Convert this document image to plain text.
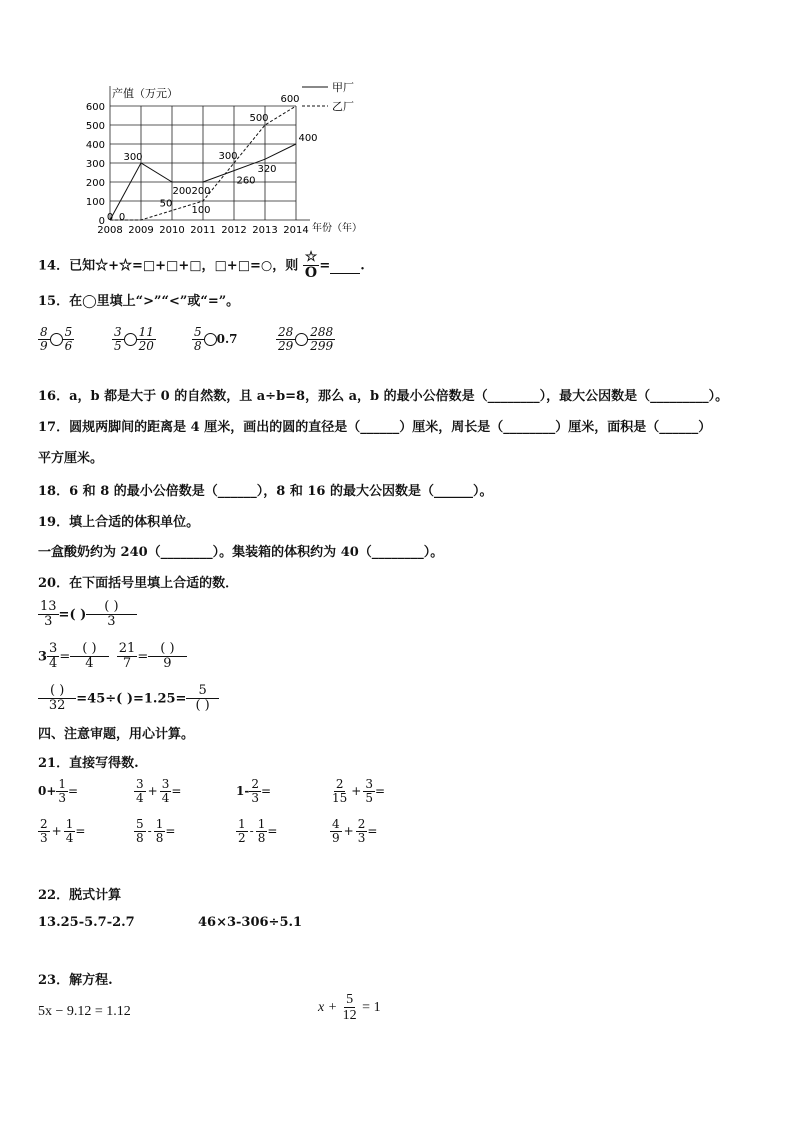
0
100
200
300
400
500
600
2008 2009 2010 2011 2012 2013 2014
0
300
200 200
260
320
400
0
50
100
300
500
600
产值（万元）
年份（年）
甲厂
乙厂
14．已知☆+☆=□+□+□，□+□=○，则 $\frac{☆}{O}$ = .
15．在◯里填上“>”“<”或“=”。
$\frac{8}{9} \frac{5}{6}$	$\frac{3}{5} \frac{11}{20}$	$\frac{5}{8} 0.7$	$\frac{28}{29} \frac{288}{299}$
16．a，b 都是大于 0 的自然数，且 a÷b=8，那么 a，b 的最小公倍数是（________），最大公因数是（_________）。
17．圆规两脚间的距离是 4 厘米，画出的圆的直径是（______）厘米，周长是（________）厘米，面积是（______）
平方厘米。
18．6 和 8 的最小公倍数是（______），8 和 16 的最大公因数是（______）。
19．填上合适的体积单位。
一盒酸奶约为 240（________）。集装箱的体积约为 40（________）。
20．在下面括号里填上合适的数．
$\frac{13}{3}$ =( ) $\frac{( )}{3}$
$3 \frac{3}{4} = \frac{( )}{4}$
$\frac{21}{7} = \frac{( )}{9}$
$\frac{( )}{32} =45\div$( )$=1.25= \frac{5}{( )}$
四、注意审题，用心计算。
21．直接写得数.
$0+ \frac{1}{3}$ =	$\frac{3}{4} + \frac{3}{4}$ =	$1- \frac{2}{3}$ =	$\frac{2}{15} + \frac{3}{5}$ =
$\frac{2}{3} + \frac{1}{4}$ =	$\frac{5}{8} - \frac{1}{8}$ =	$\frac{1}{2} - \frac{1}{8}$ =	$\frac{4}{9} + \frac{2}{3}$ =
22．脱式计算
13.25-5.7-2.7	46×3-306÷5.1
23．解方程.
5x − 9.12 = 1.12	$x + \frac{5}{12} = 1$
